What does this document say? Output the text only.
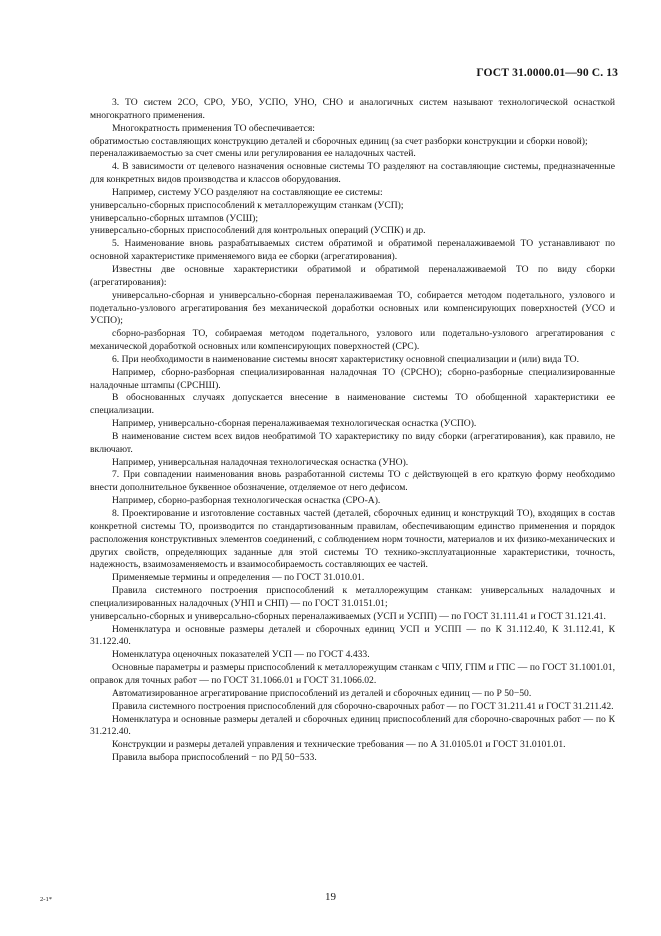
ГОСТ 31.0000.01—90 С. 13

3. ТО систем 2СО, СРО, УБО, УСПО, УНО, СНО и аналогичных систем называют технологической оснасткой многократного применения.

Многократность применения ТО обеспечивается:

обратимостью составляющих конструкцию деталей и сборочных единиц (за счет разборки конструкции и сборки новой);

переналаживаемостью за счет смены или регулирования ее наладочных частей.

4. В зависимости от целевого назначения основные системы ТО разделяют на составляющие системы, предназначенные для конкретных видов производства и классов оборудования.

Например, систему УСО разделяют на составляющие ее системы:

универсально-сборных приспособлений к металлорежущим станкам (УСП);

универсально-сборных штампов (УСШ);

универсально-сборных приспособлений для контрольных операций (УСПК) и др.

5. Наименование вновь разрабатываемых систем обратимой и обратимой переналаживаемой ТО устанавливают по основной характеристике применяемого вида ее сборки (агрегатирования).

Известны две основные характеристики обратимой и обратимой переналаживаемой ТО по виду сборки (агрегатирования):

универсально-сборная и универсально-сборная переналаживаемая ТО, собирается методом подетального, узлового и подетально-узлового агрегатирования без механической доработки основных или компенсирующих поверхностей (УСО и УСПО);

сборно-разборная ТО, собираемая методом подетального, узлового или подетально-узлового агрегатирования с механической доработкой основных или компенсирующих поверхностей (СРС).

6. При необходимости в наименование системы вносят характеристику основной специализации и (или) вида ТО.

Например, сборно-разборная специализированная наладочная ТО (СРСНО); сборно-разборные специализированные наладочные штампы (СРСНШ).

В обоснованных случаях допускается внесение в наименование системы ТО обобщенной характеристики ее специализации.

Например, универсально-сборная переналаживаемая технологическая оснастка (УСПО).

В наименование систем всех видов необратимой ТО характеристику по виду сборки (агрегатирования), как правило, не включают.

Например, универсальная наладочная технологическая оснастка (УНО).

7. При совпадении наименования вновь разработанной системы ТО с действующей в его краткую форму необходимо внести дополнительное буквенное обозначение, отделяемое от него дефисом.

Например, сборно-разборная технологическая оснастка (СРО-А).

8. Проектирование и изготовление составных частей (деталей, сборочных единиц и конструкций ТО), входящих в состав конкретной системы ТО, производится по стандартизованным правилам, обеспечивающим единство применения и порядок расположения конструктивных элементов соединений, с соблюдением норм точности, материалов и их физико-механических и других свойств, определяющих заданные для этой системы ТО технико-эксплуатационные характеристики, точность, надежность, взаимозаменяемость и взаимособираемость составляющих ее частей.

Применяемые термины и определения — по ГОСТ 31.010.01.

Правила системного построения приспособлений к металлорежущим станкам: универсальных наладочных и специализированных наладочных (УНП и СНП) — по ГОСТ 31.0151.01;

универсально-сборных и универсально-сборных переналаживаемых (УСП и УСПП) — по ГОСТ 31.111.41 и ГОСТ 31.121.41.

Номенклатура и основные размеры деталей и сборочных единиц УСП и УСПП — по К 31.112.40, К 31.112.41, К 31.122.40.

Номенклатура оценочных показателей УСП — по ГОСТ 4.433.

Основные параметры и размеры приспособлений к металлорежущим станкам с ЧПУ, ГПМ и ГПС — по ГОСТ 31.1001.01, оправок для точных работ — по ГОСТ 31.1066.01 и ГОСТ 31.1066.02.

Автоматизированное агрегатирование приспособлений из деталей и сборочных единиц — по Р 50−50.

Правила системного построения приспособлений для сборочно-сварочных работ — по ГОСТ 31.211.41 и ГОСТ 31.211.42.

Номенклатура и основные размеры деталей и сборочных единиц приспособлений для сборочно-сварочных работ — по К 31.212.40.

Конструкции и размеры деталей управления и технические требования — по А 31.0105.01 и ГОСТ 31.0101.01.

Правила выбора приспособлений − по РД 50−533.

2-1*	19
